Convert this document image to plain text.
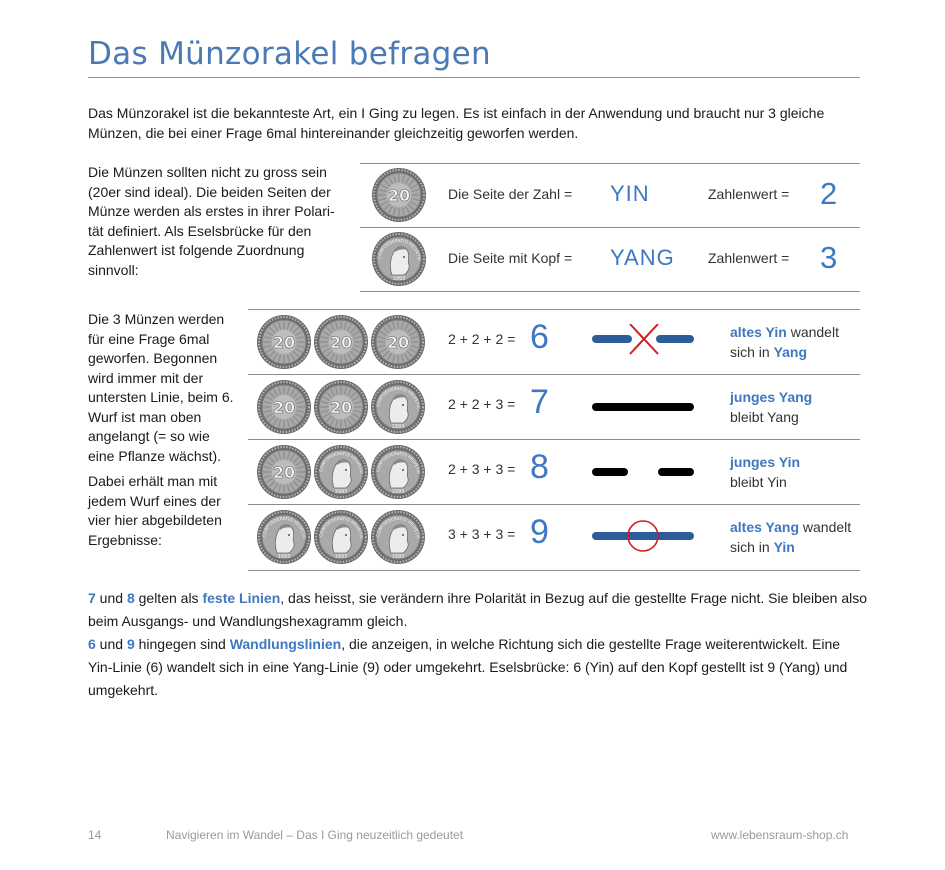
Das Münzorakel befragen
Das Münzorakel ist die bekannteste Art, ein I Ging zu legen. Es ist einfach in der Anwendung und braucht nur 3 gleiche Münzen, die bei einer Frage 6mal hintereinander gleichzeitig geworfen werden.
Die Münzen sollten nicht zu gross sein (20er sind ideal). Die beiden Seiten der Münze werden als erstes in ihrer Polari-tät definiert. Als Eselsbrücke für den Zahlenwert ist folgende Zuordnung sinnvoll:
20	Die Seite der Zahl = YIN	Zahlenwert = 2
CONFOEDERATIO HELVETIC
1993
Die Seite mit Kopf = YANG Zahlenwert = 3

Die 3 Münzen werden für eine Frage 6mal geworfen. Begonnen wird immer mit der untersten Linie, beim 6. Wurf ist man oben angelangt (= so wie eine Pflanze wächst).

Dabei erhält man mit jedem Wurf eines der vier hier abgebildeten Ergebnisse:

20 20 20	2 + 2 + 2 = 6	altes Yin wandelt
sich in Yang
20 20	CONFOEDERATIO HELVETIC
1993
2 + 2 + 3 = 7	junges Yang
bleibt Yang
20	CONFOEDERATIO HELVETIC
1993
CONFOEDERATIO HELVETIC
1993
2 + 3 + 3 = 8	junges Yin
bleibt Yin
CONFOEDERATIO HELVETIC
1993
CONFOEDERATIO HELVETIC
1993
CONFOEDERATIO HELVETIC
1993
3 + 3 + 3 = 9	altes Yang wandelt
sich in Yin

7 und 8 gelten als feste Linien, das heisst, sie verändern ihre Polarität in Bezug auf die gestellte Frage nicht. Sie bleiben also beim Ausgangs- und Wandlungshexagramm gleich.

6 und 9 hingegen sind Wandlungslinien, die anzeigen, in welche Richtung sich die gestellte Frage weiterentwickelt. Eine Yin-Linie (6) wandelt sich in eine Yang-Linie (9) oder umgekehrt. Eselsbrücke: 6 (Yin) auf den Kopf gestellt ist 9 (Yang) und umgekehrt.

14	Navigieren im Wandel – Das I Ging neuzeitlich gedeutet	www.lebensraum-shop.ch
